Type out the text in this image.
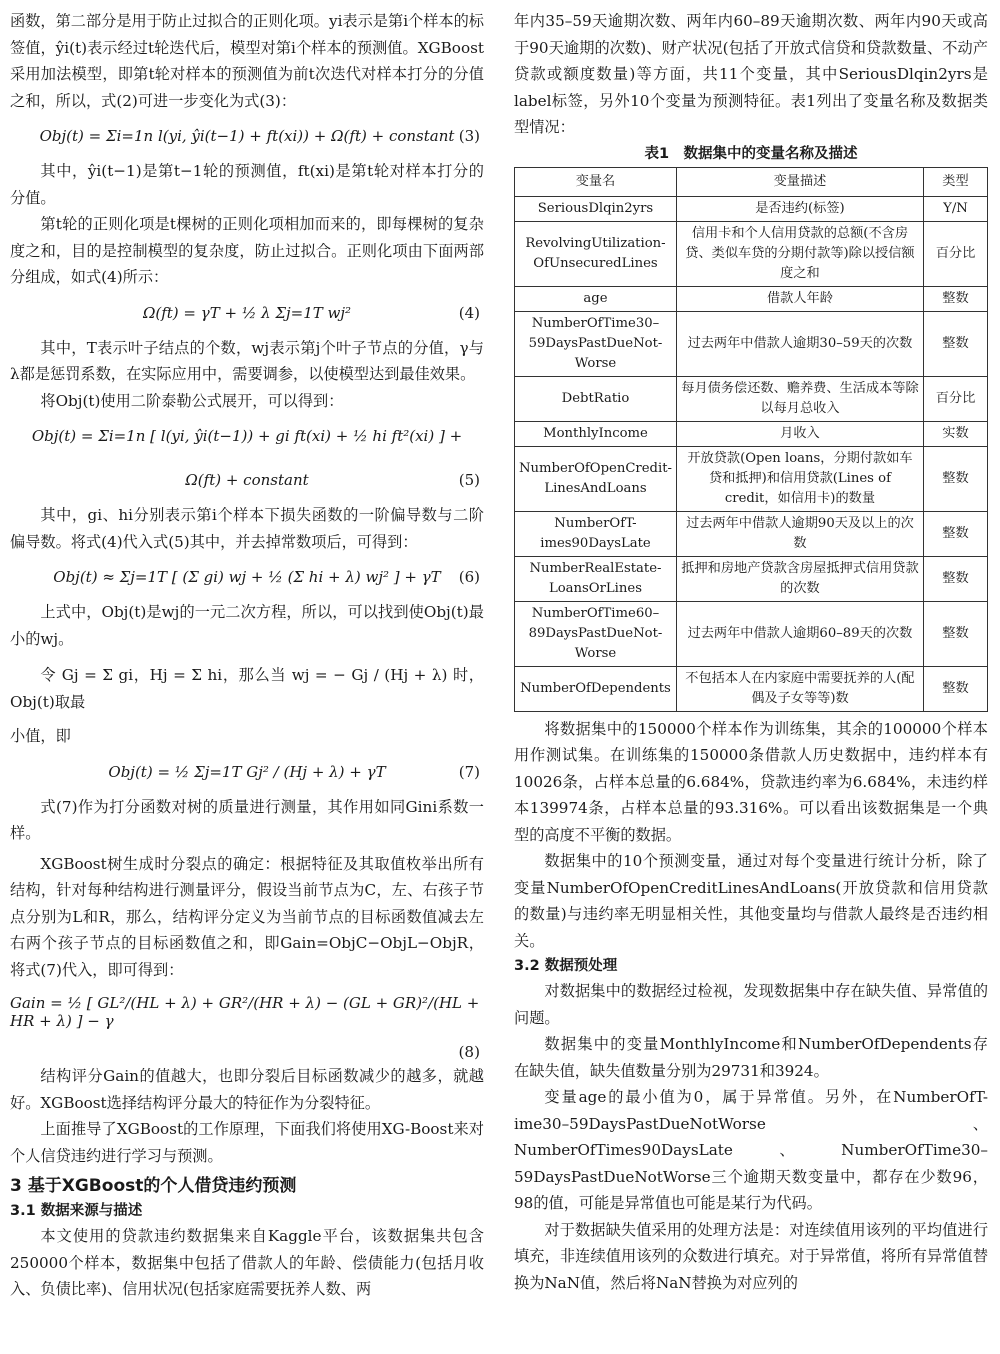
函数，第二部分是用于防止过拟合的正则化项。yi表示是第i个样本的标签值，ŷi(t)表示经过t轮迭代后，模型对第i个样本的预测值。XGBoost采用加法模型，即第t轮对样本的预测值为前t次迭代对样本打分的分值之和，所以，式(2)可进一步变化为式(3)：

Obj(t) = Σi=1n l(yi, ŷi(t−1) + ft(xi)) + Ω(ft) + constant (3)

其中，ŷi(t−1)是第t−1轮的预测值，ft(xi)是第t轮对样本打分的分值。

第t轮的正则化项是t棵树的正则化项相加而来的，即每棵树的复杂度之和，目的是控制模型的复杂度，防止过拟合。正则化项由下面两部分组成，如式(4)所示：

Ω(ft) = γT + ½ λ Σj=1T wj²	(4)

其中，T表示叶子结点的个数，wj表示第j个叶子节点的分值，γ与λ都是惩罚系数，在实际应用中，需要调参，以使模型达到最佳效果。

将Obj(t)使用二阶泰勒公式展开，可以得到：

Obj(t) = Σi=1n [ l(yi, ŷi(t−1)) + gi ft(xi) + ½ hi ft²(xi) ] +
Ω(ft) + constant	(5)

其中，gi、hi分别表示第i个样本下损失函数的一阶偏导数与二阶偏导数。将式(4)代入式(5)其中，并去掉常数项后，可得到：

Obj(t) ≈ Σj=1T [ (Σ gi) wj + ½ (Σ hi + λ) wj² ] + γT (6)

上式中，Obj(t)是wj的一元二次方程，所以，可以找到使Obj(t)最小的wj。

令 Gj = Σ gi，Hj = Σ hi，那么当 wj = − Gj / (Hj + λ) 时，Obj(t)取最

小值，即

Obj(t) = ½ Σj=1T Gj² / (Hj + λ) + γT	(7)

式(7)作为打分函数对树的质量进行测量，其作用如同Gini系数一样。

XGBoost树生成时分裂点的确定：根据特征及其取值枚举出所有结构，针对每种结构进行测量评分，假设当前节点为C，左、右孩子节点分别为L和R，那么，结构评分定义为当前节点的目标函数值减去左右两个孩子节点的目标函数值之和，即Gain=ObjC−ObjL−ObjR，将式(7)代入，即可得到：

Gain = ½ [ GL²/(HL + λ) + GR²/(HR + λ) − (GL + GR)²/(HL + HR + λ) ] − γ
(8)

结构评分Gain的值越大，也即分裂后目标函数减少的越多，就越好。XGBoost选择结构评分最大的特征作为分裂特征。

上面推导了XGBoost的工作原理，下面我们将使用XG-Boost来对个人信贷违约进行学习与预测。

3 基于XGBoost的个人借贷违约预测
3.1 数据来源与描述

本文使用的贷款违约数据集来自Kaggle平台，该数据集共包含250000个样本，数据集中包括了借款人的年龄、偿债能力(包括月收入、负债比率)、信用状况(包括家庭需要抚养人数、两

年内35–59天逾期次数、两年内60–89天逾期次数、两年内90天或高于90天逾期的次数)、财产状况(包括了开放式信贷和贷款数量、不动产贷款或额度数量)等方面，共11个变量，其中SeriousDlqin2yrs是label标签，另外10个变量为预测特征。表1列出了变量名称及数据类型情况：

表1　数据集中的变量名称及描述
变量名	变量描述	类型
SeriousDlqin2yrs	是否违约(标签)	Y/N
RevolvingUtilization-OfUnsecuredLines	信用卡和个人信用贷款的总额(不含房贷、类似车贷的分期付款等)除以授信额度之和	百分比
age	借款人年龄	整数
NumberOfTime30–59DaysPastDueNot-Worse	过去两年中借款人逾期30–59天的次数	整数
DebtRatio	每月债务偿还数、赡养费、生活成本等除以每月总收入	百分比
MonthlyIncome	月收入	实数
NumberOfOpenCredit-LinesAndLoans	开放贷款(Open loans，分期付款如车贷和抵押)和信用贷款(Lines of credit，如信用卡)的数量	整数
NumberOfT-imes90DaysLate	过去两年中借款人逾期90天及以上的次数	整数
NumberRealEstate-LoansOrLines	抵押和房地产贷款含房屋抵押式信用贷款的次数	整数
NumberOfTime60–89DaysPastDueNot-Worse	过去两年中借款人逾期60–89天的次数	整数
NumberOfDependents	不包括本人在内家庭中需要抚养的人(配偶及子女等等)数	整数

将数据集中的150000个样本作为训练集，其余的100000个样本用作测试集。在训练集的150000条借款人历史数据中，违约样本有10026条，占样本总量的6.684%，贷款违约率为6.684%，未违约样本139974条，占样本总量的93.316%。可以看出该数据集是一个典型的高度不平衡的数据。

数据集中的10个预测变量，通过对每个变量进行统计分析，除了变量NumberOfOpenCreditLinesAndLoans(开放贷款和信用贷款的数量)与违约率无明显相关性，其他变量均与借款人最终是否违约相关。

3.2 数据预处理

对数据集中的数据经过检视，发现数据集中存在缺失值、异常值的问题。

数据集中的变量MonthlyIncome和NumberOfDependents存在缺失值，缺失值数量分别为29731和3924。

变量age的最小值为0，属于异常值。另外，在NumberOfT-ime30–59DaysPastDueNotWorse、NumberOfTimes90DaysLate、NumberOfTime30–59DaysPastDueNotWorse三个逾期天数变量中，都存在少数96，98的值，可能是异常值也可能是某行为代码。

对于数据缺失值采用的处理方法是：对连续值用该列的平均值进行填充，非连续值用该列的众数进行填充。对于异常值，将所有异常值替换为NaN值，然后将NaN替换为对应列的
